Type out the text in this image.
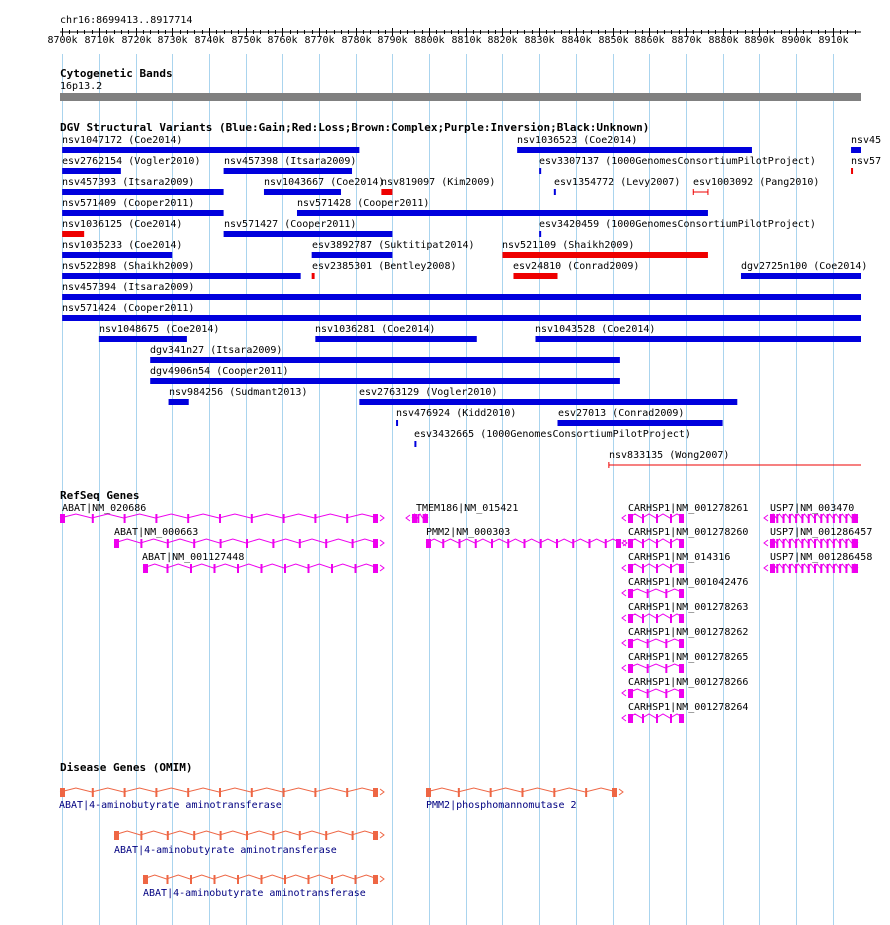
chr16:8699413..8917714
8700k 8710k 8720k 8730k 8740k 8750k 8760k 8770k 8780k 8790k 8800k 8810k 8820k 8830k 8840k 8850k 8860k 8870k 8880k 8890k 8900k 8910k
Cytogenetic Bands
16p13.2
DGV Structural Variants (Blue:Gain;Red:Loss;Brown:Complex;Purple:Inversion;Black:Unknown)
RefSeq Genes
Disease Genes (OMIM)
nsv1047172 (Coe2014)	nsv1036523 (Coe2014)	nsv45
esv2762154 (Vogler2010) nsv457398 (Itsara2009)	esv3307137 (1000GenomesConsortiumPilotProject)	nsv57
nsv457393 (Itsara2009)	nsv1043667 (Coe2014)
nsv819097 (Kim2009)	esv1354772 (Levy2007) esv1003092 (Pang2010)
nsv571409 (Cooper2011)	nsv571428 (Cooper2011)
nsv1036125 (Coe2014)	nsv571427 (Cooper2011)	esv3420459 (1000GenomesConsortiumPilotProject)
nsv1035233 (Coe2014)	esv3892787 (Suktitipat2014)	nsv521109 (Shaikh2009)
nsv522898 (Shaikh2009)	esv2385301 (Bentley2008)	esv24810 (Conrad2009)	dgv2725n100 (Coe2014)
nsv457394 (Itsara2009)
nsv571424 (Cooper2011)
nsv1048675 (Coe2014)	nsv1036281 (Coe2014)	nsv1043528 (Coe2014)
dgv341n27 (Itsara2009)
dgv4906n54 (Cooper2011)
nsv984256 (Sudmant2013)	esv2763129 (Vogler2010)
nsv476924 (Kidd2010)	esv27013 (Conrad2009)
esv3432665 (1000GenomesConsortiumPilotProject)
nsv833135 (Wong2007)
ABAT|NM_020686
ABAT|NM_000663
ABAT|NM_001127448
TMEM186|NM_015421
PMM2|NM_000303
CARHSP1|NM_001278261
CARHSP1|NM_001278260
CARHSP1|NM_014316
CARHSP1|NM_001042476
CARHSP1|NM_001278263
CARHSP1|NM_001278262
CARHSP1|NM_001278265
CARHSP1|NM_001278266
CARHSP1|NM_001278264
USP7|NM_003470
USP7|NM_001286457
USP7|NM_001286458
ABAT|4-aminobutyrate aminotransferase	PMM2|phosphomannomutase 2
ABAT|4-aminobutyrate aminotransferase
ABAT|4-aminobutyrate aminotransferase
